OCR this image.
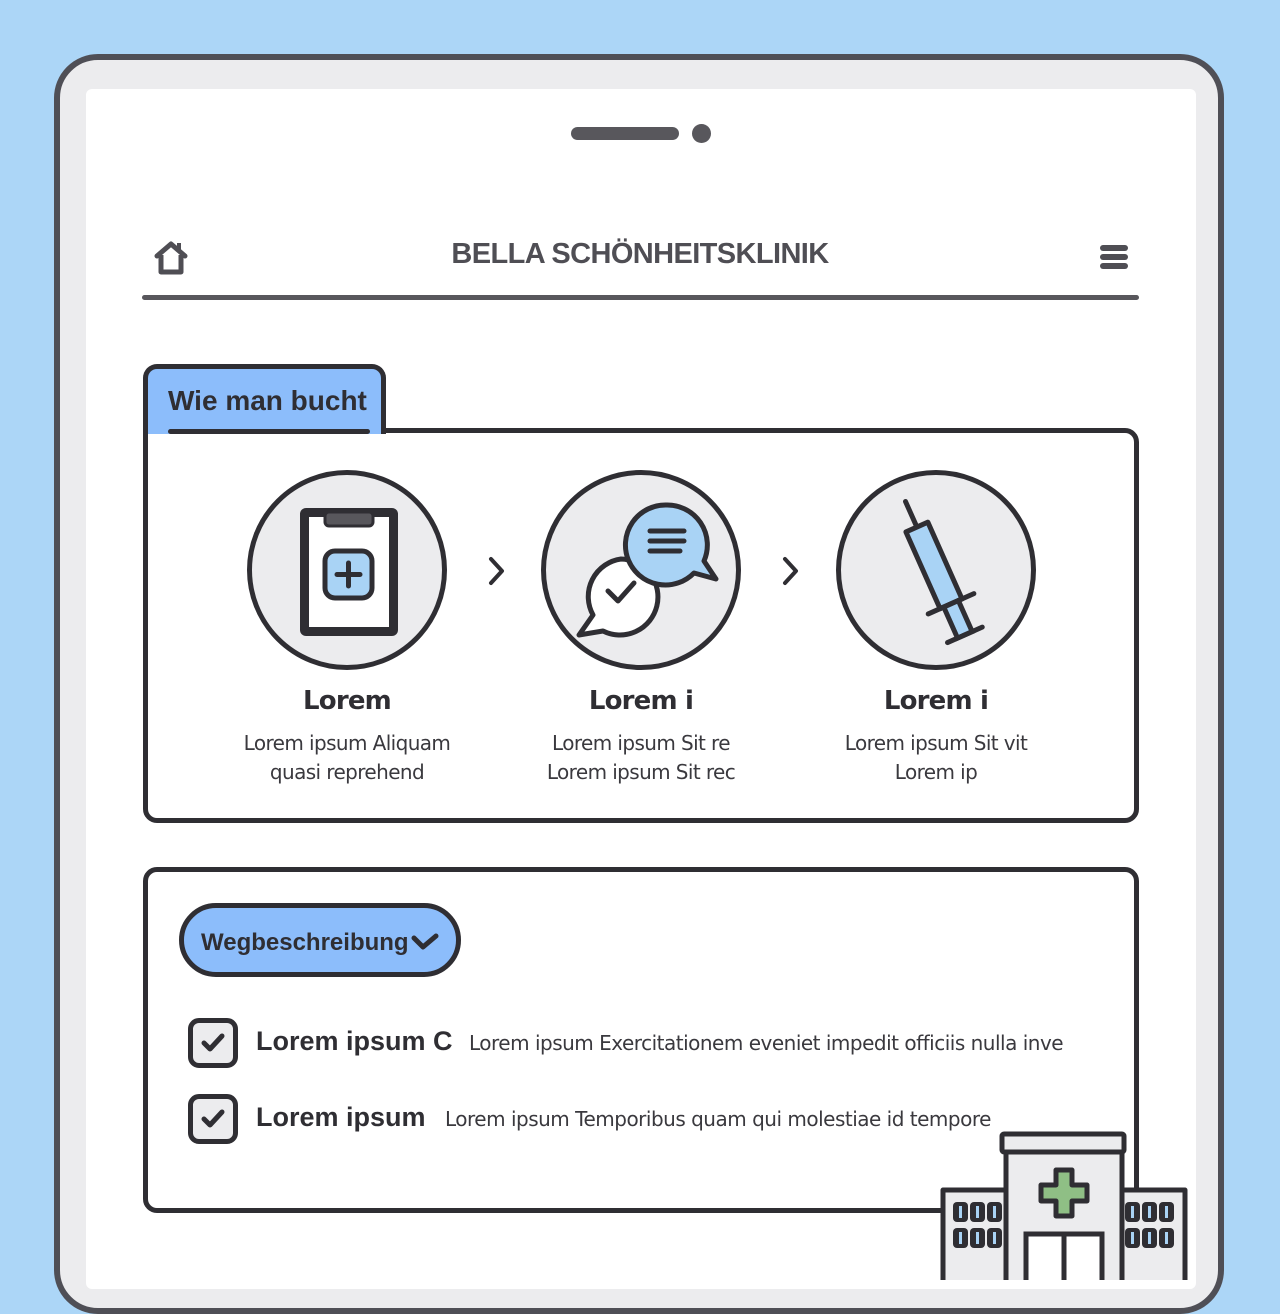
BELLA SCHÖNHEITSKLINIK
Wie man bucht
Lorem
Lorem ipsum Aliquam
quasi reprehend
Lorem i
Lorem ipsum Sit re
Lorem ipsum Sit rec
Lorem i
Lorem ipsum Sit vit
Lorem ip
Wegbeschreibung
Lorem ipsum C Lorem ipsum Exercitationem eveniet impedit officiis nulla inve
Lorem ipsum Lorem ipsum Temporibus quam qui molestiae id tempore
